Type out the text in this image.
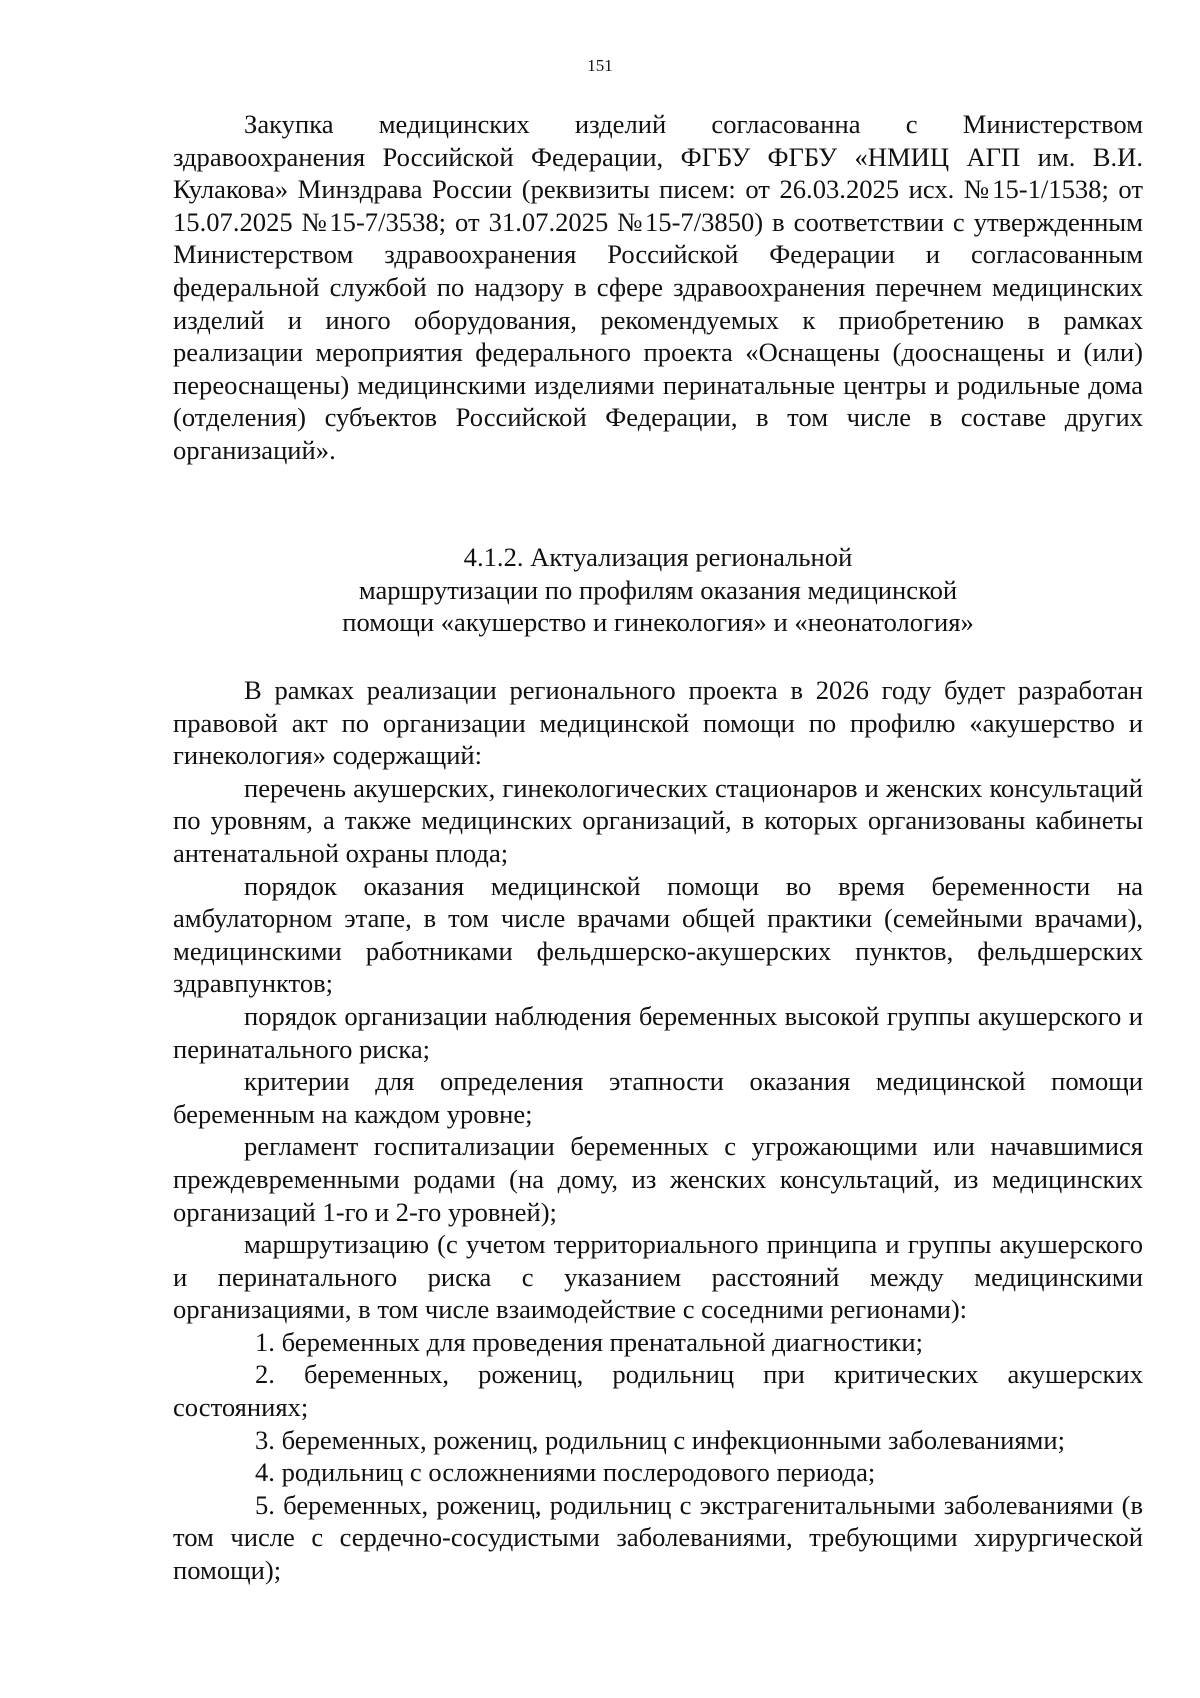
151

Закупка медицинских изделий согласованна с Министерством здравоохранения Российской Федерации, ФГБУ ФГБУ «НМИЦ АГП им. В.И. Кулакова» Минздрава России (реквизиты писем: от 26.03.2025 исх. №15-1/1538; от 15.07.2025 №15-7/3538; от 31.07.2025 №15-7/3850) в соответствии с утвержденным Министерством здравоохранения Российской Федерации и согласованным федеральной службой по надзору в сфере здравоохранения перечнем медицинских изделий и иного оборудования, рекомендуемых к приобретению в рамках реализации мероприятия федерального проекта «Оснащены (дооснащены и (или) переоснащены) медицинскими изделиями перинатальные центры и родильные дома (отделения) субъектов Российской Федерации, в том числе в составе других организаций».

4.1.2. Актуализация региональной
маршрутизации по профилям оказания медицинской
помощи «акушерство и гинекология» и «неонатология»

В рамках реализации регионального проекта в 2026 году будет разработан правовой акт по организации медицинской помощи по профилю «акушерство и гинекология» содержащий:

перечень акушерских, гинекологических стационаров и женских консультаций по уровням, а также медицинских организаций, в которых организованы кабинеты антенатальной охраны плода;

порядок оказания медицинской помощи во время беременности на амбулаторном этапе, в том числе врачами общей практики (семейными врачами), медицинскими работниками фельдшерско-акушерских пунктов, фельдшерских здравпунктов;

порядок организации наблюдения беременных высокой группы акушерского и перинатального риска;

критерии для определения этапности оказания медицинской помощи беременным на каждом уровне;

регламент госпитализации беременных с угрожающими или начавшимися преждевременными родами (на дому, из женских консультаций, из медицинских организаций 1-го и 2-го уровней);

маршрутизацию (с учетом территориального принципа и группы акушерского и перинатального риска с указанием расстояний между медицинскими организациями, в том числе взаимодействие с соседними регионами):

1. беременных для проведения пренатальной диагностики;

2. беременных, рожениц, родильниц при критических акушерских состояниях;

3. беременных, рожениц, родильниц с инфекционными заболеваниями;

4. родильниц с осложнениями послеродового периода;

5. беременных, рожениц, родильниц с экстрагенитальными заболеваниями (в том числе с сердечно-сосудистыми заболеваниями, требующими хирургической помощи);
